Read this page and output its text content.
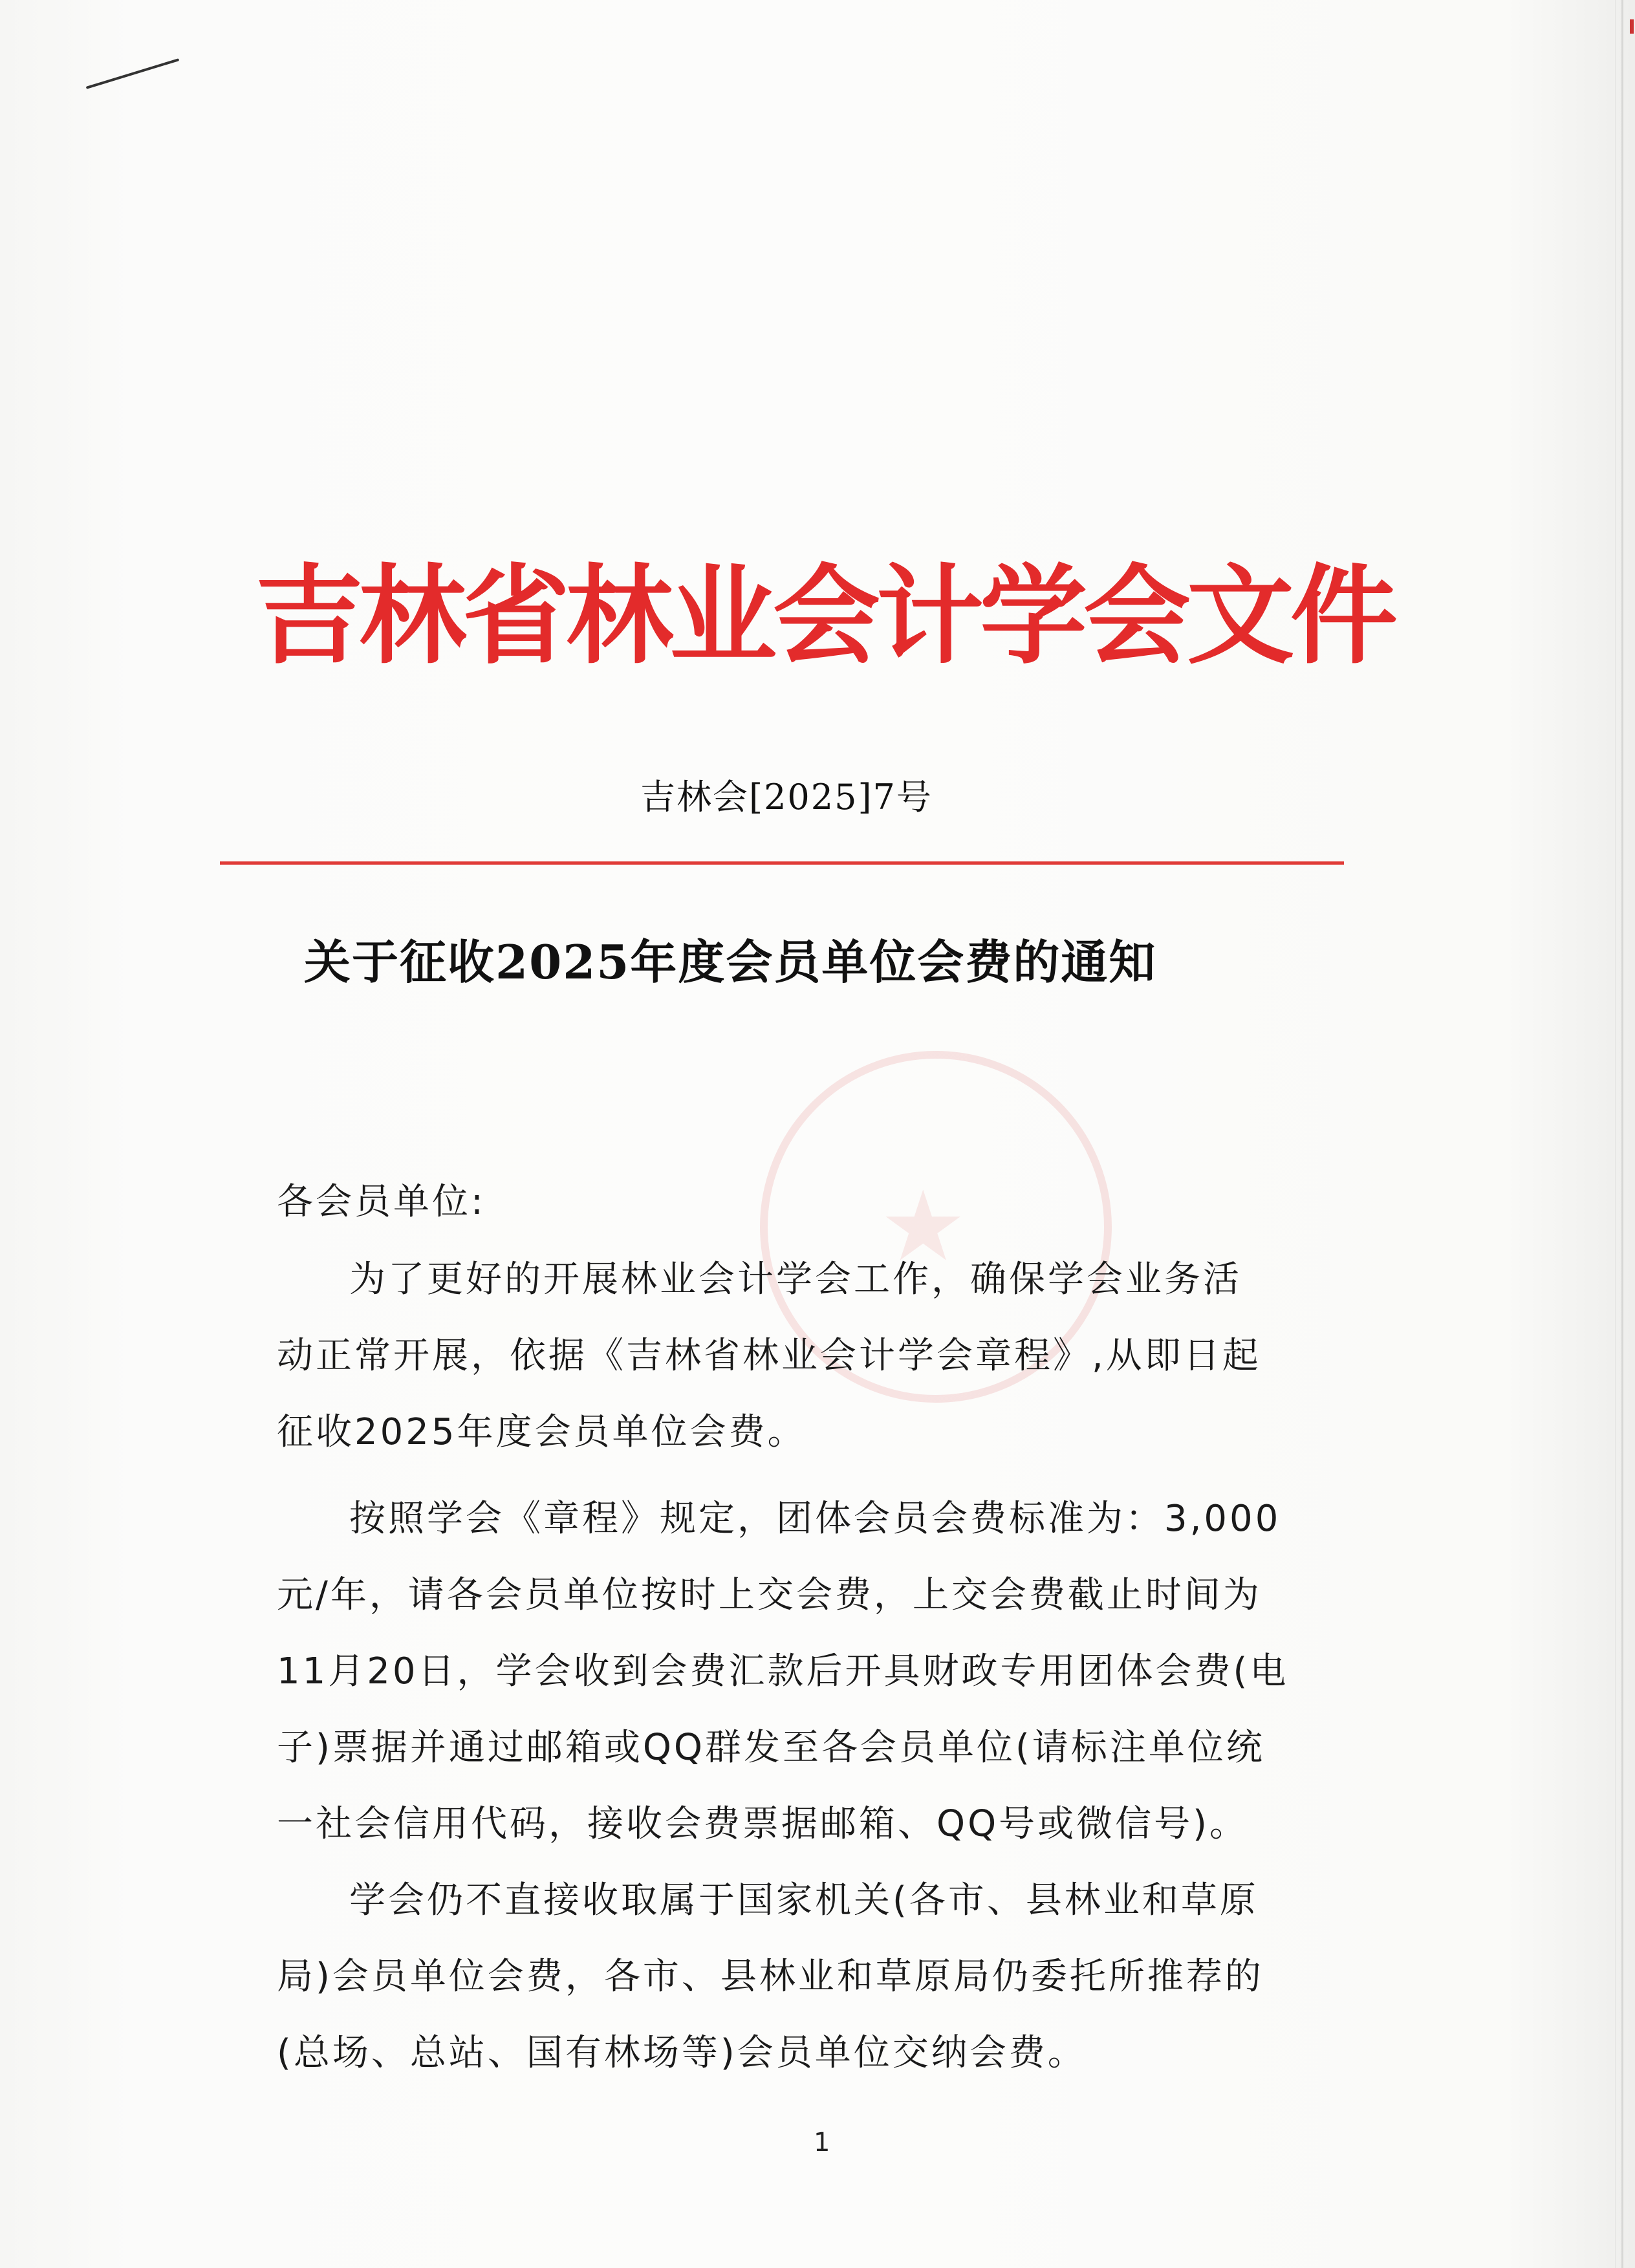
★
吉林省林业会计学会文件
吉林会[2025]7号
关于征收2025年度会员单位会费的通知
各会员单位:
为了更好的开展林业会计学会工作，确保学会业务活
动正常开展，依据《吉林省林业会计学会章程》,从即日起
征收2025年度会员单位会费。
按照学会《章程》规定，团体会员会费标准为：3,000
元/年，请各会员单位按时上交会费，上交会费截止时间为
11月20日，学会收到会费汇款后开具财政专用团体会费(电
子)票据并通过邮箱或QQ群发至各会员单位(请标注单位统
一社会信用代码，接收会费票据邮箱、QQ号或微信号)。
学会仍不直接收取属于国家机关(各市、县林业和草原
局)会员单位会费，各市、县林业和草原局仍委托所推荐的
(总场、总站、国有林场等)会员单位交纳会费。
1
